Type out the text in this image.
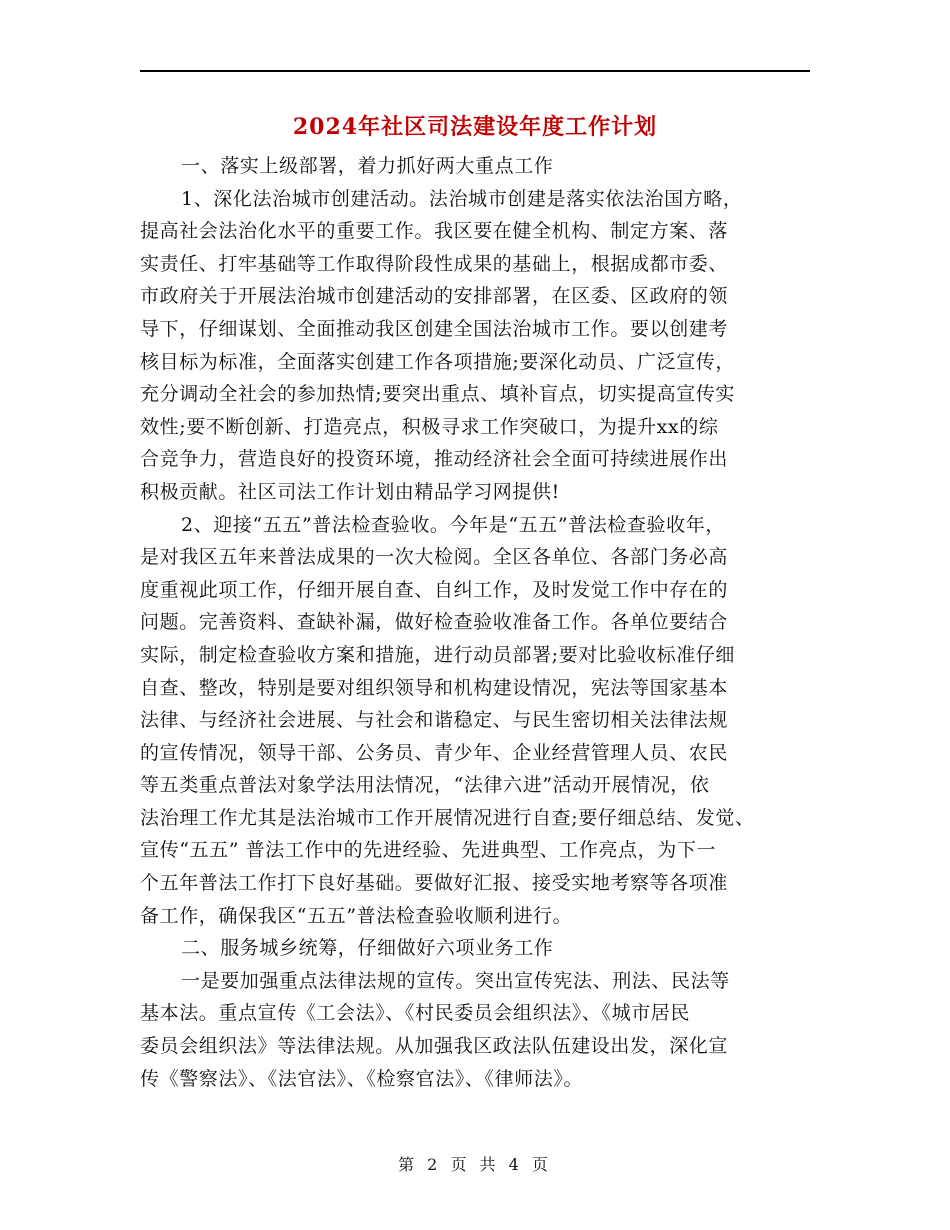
2024年社区司法建设年度工作计划
一、落实上级部署，着力抓好两大重点工作
1、深化法治城市创建活动。法治城市创建是落实依法治国方略，
提高社会法治化水平的重要工作。我区要在健全机构、制定方案、落
实责任、打牢基础等工作取得阶段性成果的基础上，根据成都市委、
市政府关于开展法治城市创建活动的安排部署，在区委、区政府的领
导下，仔细谋划、全面推动我区创建全国法治城市工作。要以创建考
核目标为标准，全面落实创建工作各项措施;要深化动员、广泛宣传，
充分调动全社会的参加热情;要突出重点、填补盲点，切实提高宣传实
效性;要不断创新、打造亮点，积极寻求工作突破口，为提升xx的综
合竞争力，营造良好的投资环境，推动经济社会全面可持续进展作出
积极贡献。社区司法工作计划由精品学习网提供!
2、迎接“五五”普法检查验收。今年是“五五”普法检查验收年，
是对我区五年来普法成果的一次大检阅。全区各单位、各部门务必高
度重视此项工作，仔细开展自查、自纠工作，及时发觉工作中存在的
问题。完善资料、查缺补漏，做好检查验收准备工作。各单位要结合
实际，制定检查验收方案和措施，进行动员部署;要对比验收标准仔细
自查、整改，特别是要对组织领导和机构建设情况，宪法等国家基本
法律、与经济社会进展、与社会和谐稳定、与民生密切相关法律法规
的宣传情况，领导干部、公务员、青少年、企业经营管理人员、农民
等五类重点普法对象学法用法情况，“法律六进”活动开展情况，依
法治理工作尤其是法治城市工作开展情况进行自查;要仔细总结、发觉、
宣传“五五” 普法工作中的先进经验、先进典型、工作亮点，为下一
个五年普法工作打下良好基础。要做好汇报、接受实地考察等各项准
备工作，确保我区“五五”普法检查验收顺利进行。
二、服务城乡统筹，仔细做好六项业务工作
一是要加强重点法律法规的宣传。突出宣传宪法、刑法、民法等
基本法。重点宣传《工会法》、《村民委员会组织法》、《城市居民
委员会组织法》等法律法规。从加强我区政法队伍建设出发，深化宣
传《警察法》、《法官法》、《检察官法》、《律师法》。
第 2 页 共 4 页
